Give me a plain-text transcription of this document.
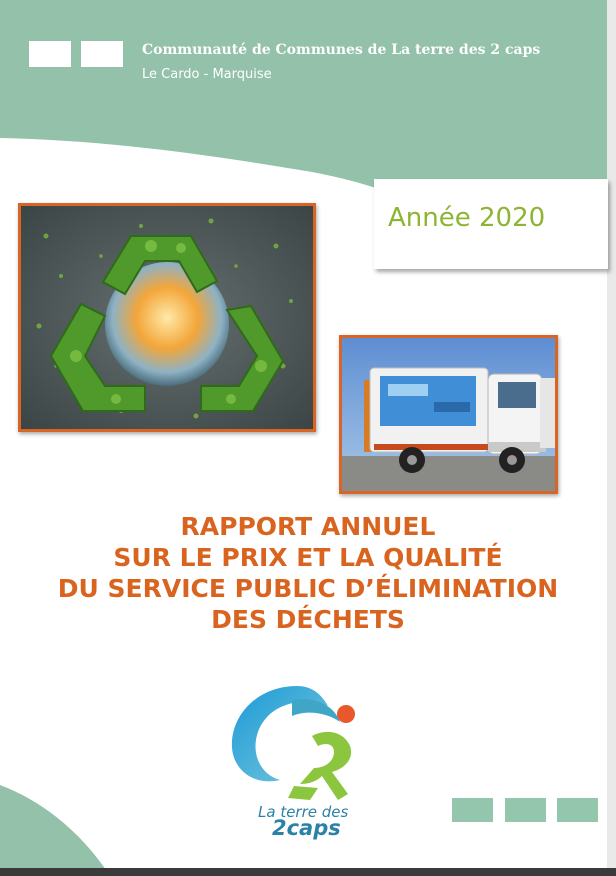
Communauté de Communes de La terre des 2 caps
Le Cardo - Marquise
Année 2020
RAPPORT ANNUEL
SUR LE PRIX ET LA QUALITÉ
DU SERVICE PUBLIC D’ÉLIMINATION
DES DÉCHETS
La terre des
2caps
